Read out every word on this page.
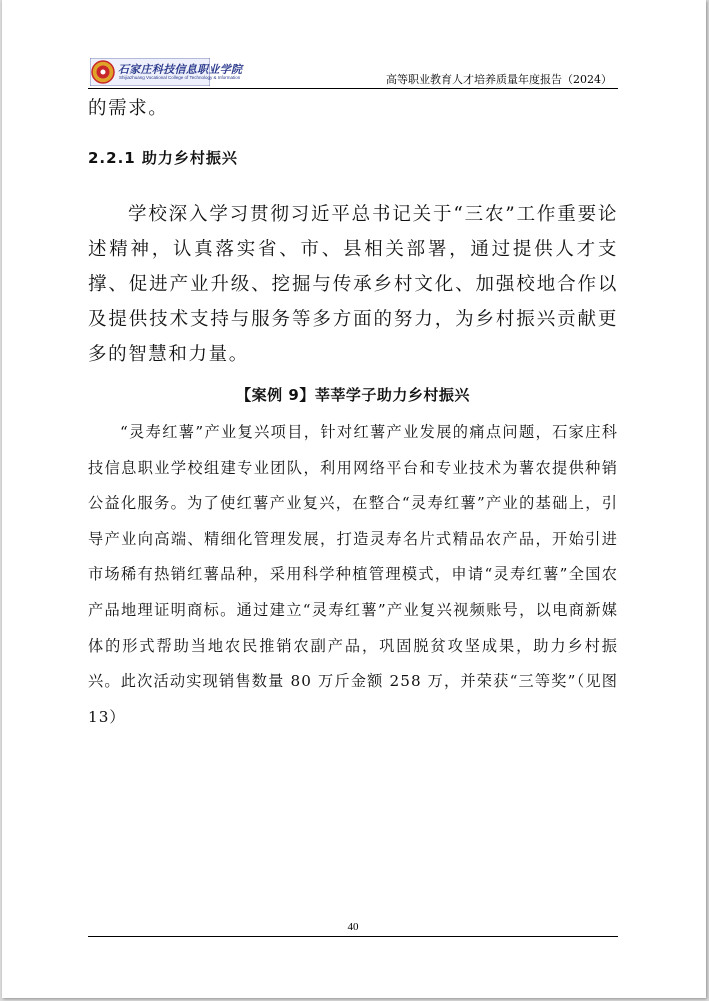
石家庄科技信息职业学院
Shijiazhuang Vocational College of Technology & Information	高等职业教育人才培养质量年度报告（2024）

的需求。

2.2.1 助力乡村振兴

学校深入学习贯彻习近平总书记关于“三农”工作重要论述精神，认真落实省、市、县相关部署，通过提供人才支撑、促进产业升级、挖掘与传承乡村文化、加强校地合作以及提供技术支持与服务等多方面的努力，为乡村振兴贡献更多的智慧和力量。

【案例 9】莘莘学子助力乡村振兴

“灵寿红薯”产业复兴项目，针对红薯产业发展的痛点问题，石家庄科技信息职业学校组建专业团队，利用网络平台和专业技术为薯农提供种销公益化服务。为了使红薯产业复兴，在整合“灵寿红薯”产业的基础上，引导产业向高端、精细化管理发展，打造灵寿名片式精品农产品，开始引进市场稀有热销红薯品种，采用科学种植管理模式，申请“灵寿红薯”全国农产品地理证明商标。通过建立“灵寿红薯”产业复兴视频账号，以电商新媒体的形式帮助当地农民推销农副产品，巩固脱贫攻坚成果，助力乡村振兴。此次活动实现销售数量 80 万斤金额 258 万，并荣获“三等奖”（见图 13）

40
